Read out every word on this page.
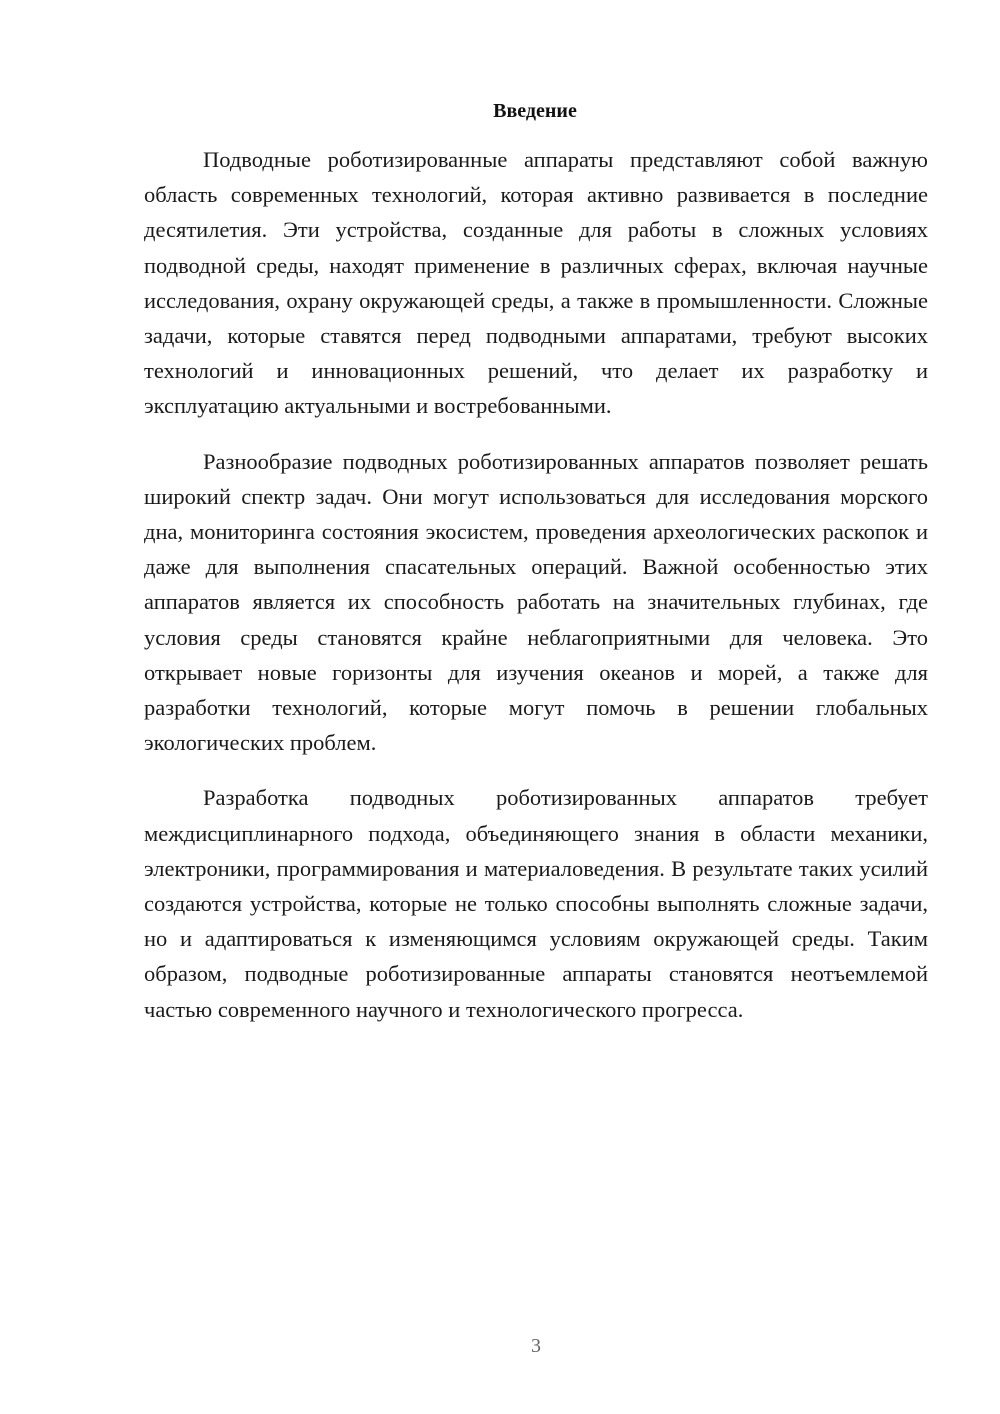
Введение

Подводные роботизированные аппараты представляют собой важную область современных технологий, которая активно развивается в последние десятилетия. Эти устройства, созданные для работы в сложных условиях подводной среды, находят применение в различных сферах, включая научные исследования, охрану окружающей среды, а также в промышленности. Сложные задачи, которые ставятся перед подводными аппаратами, требуют высоких технологий и инновационных решений, что делает их разработку и эксплуатацию актуальными и востребованными.

Разнообразие подводных роботизированных аппаратов позволяет решать широкий спектр задач. Они могут использоваться для исследования морского дна, мониторинга состояния экосистем, проведения археологических раскопок и даже для выполнения спасательных операций. Важной особенностью этих аппаратов является их способность работать на значительных глубинах, где условия среды становятся крайне неблагоприятными для человека. Это открывает новые горизонты для изучения океанов и морей, а также для разработки технологий, которые могут помочь в решении глобальных экологических проблем.

Разработка подводных роботизированных аппаратов требует междисциплинарного подхода, объединяющего знания в области механики, электроники, программирования и материаловедения. В результате таких усилий создаются устройства, которые не только способны выполнять сложные задачи, но и адаптироваться к изменяющимся условиям окружающей среды. Таким образом, подводные роботизированные аппараты становятся неотъемлемой частью современного научного и технологического прогресса.

3
